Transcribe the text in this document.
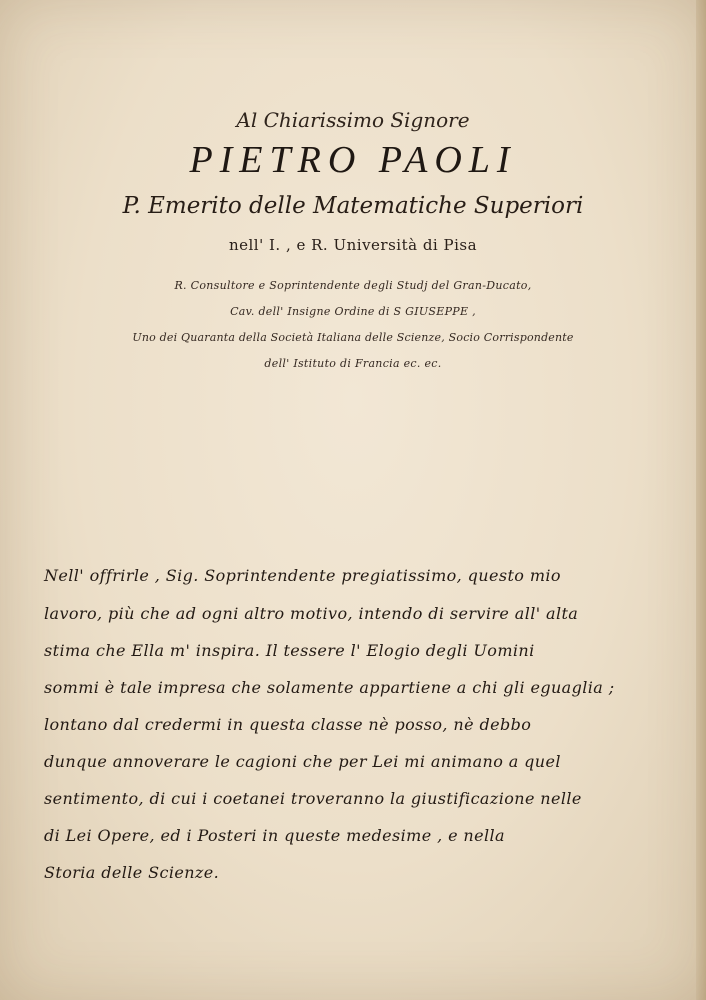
Al Chiarissimo Signore

PIETRO PAOLI

P. Emerito delle Matematiche Superiori

nell' I. , e R. Università di Pisa

R. Consultore e Soprintendente degli Studj del Gran-Ducato,

Cav. dell' Insigne Ordine di S GIUSEPPE ,

Uno dei Quaranta della Società Italiana delle Scienze, Socio Corrispondente

dell' Istituto di Francia ec. ec.

Nell' offrirle , Sig. Soprintendente pregiatissimo, questo mio

lavoro, più che ad ogni altro motivo, intendo di servire all' alta

stima che Ella m' inspira. Il tessere l' Elogio degli Uomini

sommi è tale impresa che solamente appartiene a chi gli eguaglia ;

lontano dal credermi in questa classe nè posso, nè debbo

dunque annoverare le cagioni che per Lei mi animano a quel

sentimento, di cui i coetanei troveranno la giustificazione nelle

di Lei Opere, ed i Posteri in queste medesime , e nella

Storia delle Scienze.
